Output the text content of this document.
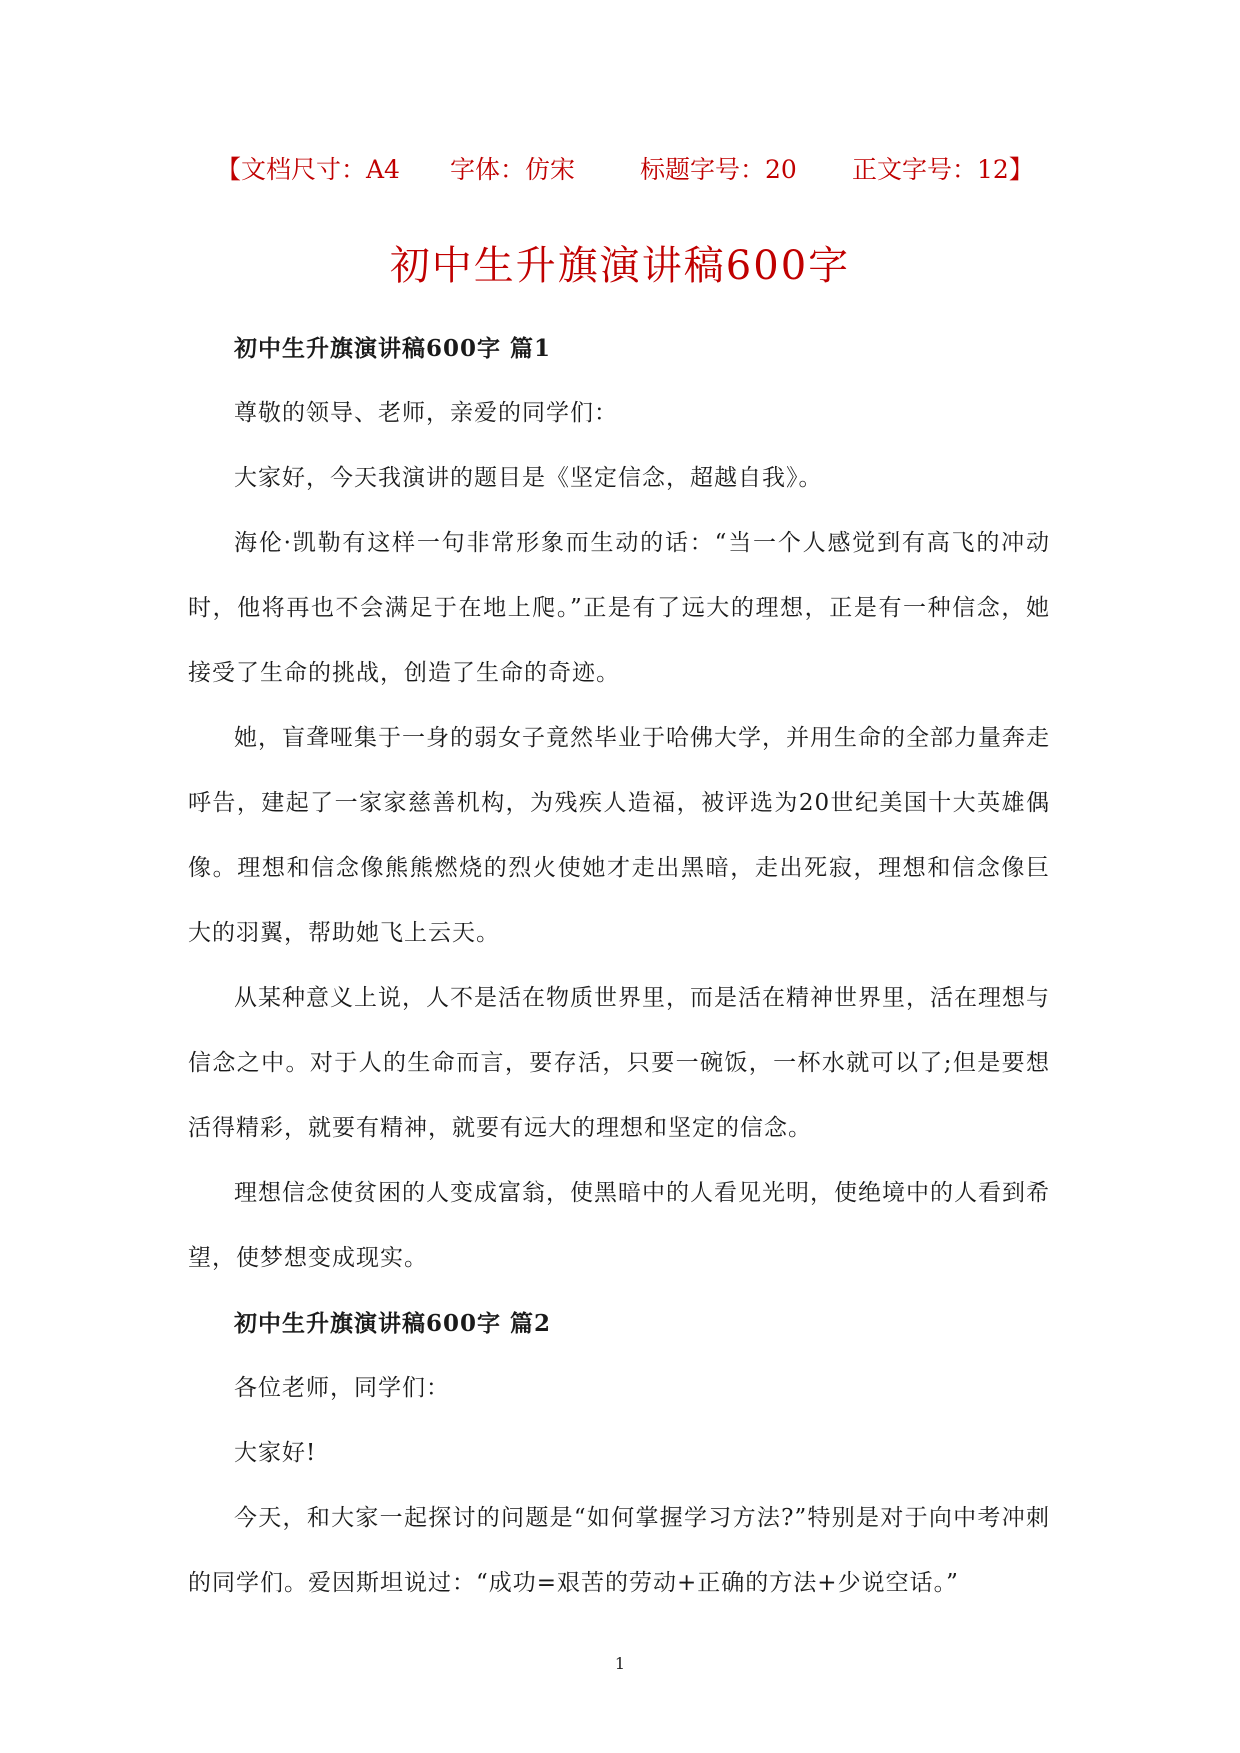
【文档尺寸：A4 字体：仿宋	标题字号：20 正文字号：12】
初中生升旗演讲稿600字

初中生升旗演讲稿600字 篇1

尊敬的领导、老师，亲爱的同学们：

大家好，今天我演讲的题目是《坚定信念，超越自我》。

海伦·凯勒有这样一句非常形象而生动的话：“当一个人感觉到有高飞的冲动时，他将再也不会满足于在地上爬。”正是有了远大的理想，正是有一种信念，她接受了生命的挑战，创造了生命的奇迹。

她，盲聋哑集于一身的弱女子竟然毕业于哈佛大学，并用生命的全部力量奔走呼告，建起了一家家慈善机构，为残疾人造福，被评选为20世纪美国十大英雄偶像。理想和信念像熊熊燃烧的烈火使她才走出黑暗，走出死寂，理想和信念像巨大的羽翼，帮助她飞上云天。

从某种意义上说，人不是活在物质世界里，而是活在精神世界里，活在理想与信念之中。对于人的生命而言，要存活，只要一碗饭，一杯水就可以了;但是要想活得精彩，就要有精神，就要有远大的理想和坚定的信念。

理想信念使贫困的人变成富翁，使黑暗中的人看见光明，使绝境中的人看到希望，使梦想变成现实。

初中生升旗演讲稿600字 篇2

各位老师，同学们：

大家好!

今天，和大家一起探讨的问题是“如何掌握学习方法?”特别是对于向中考冲刺的同学们。爱因斯坦说过：“成功=艰苦的劳动+正确的方法+少说空话。”

1
